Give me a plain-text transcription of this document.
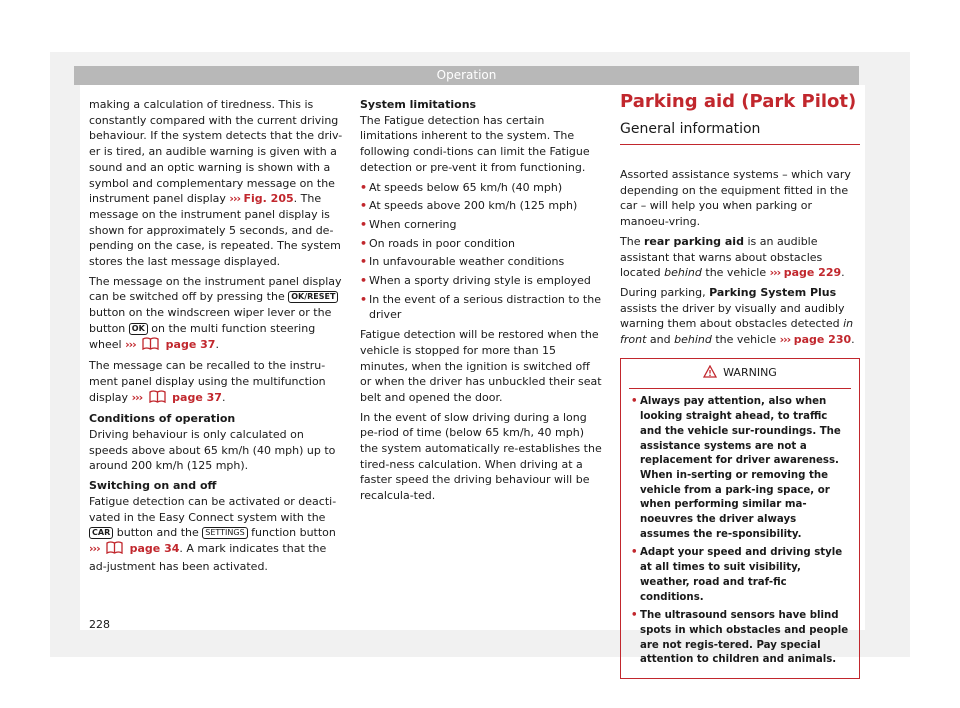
Operation

making a calculation of tiredness. This is constantly compared with the current driving behaviour. If the system detects that the driv-er is tired, an audible warning is given with a sound and an optic warning is shown with a symbol and complementary message on the instrument panel display ››› Fig. 205. The message on the instrument panel display is shown for approximately 5 seconds, and de-pending on the case, is repeated. The system stores the last message displayed.

The message on the instrument panel display can be switched off by pressing the OK/RESET button on the windscreen wiper lever or the button OK on the multi function steering wheel ›››	page 37.

The message can be recalled to the instru-ment panel display using the multifunction display ›››	page 37.

Conditions of operation

Driving behaviour is only calculated on speeds above about 65 km/h (40 mph) up to around 200 km/h (125 mph).

Switching on and off

Fatigue detection can be activated or deacti-vated in the Easy Connect system with the CAR button and the SETTINGS function button ›››	page 34. A mark indicates that the ad-justment has been activated.

System limitations

The Fatigue detection has certain limitations inherent to the system. The following condi-tions can limit the Fatigue detection or pre-vent it from functioning.

• At speeds below 65 km/h (40 mph)
• At speeds above 200 km/h (125 mph)
• When cornering
• On roads in poor condition
• In unfavourable weather conditions
• When a sporty driving style is employed
• In the event of a serious distraction to the driver

Fatigue detection will be restored when the vehicle is stopped for more than 15 minutes, when the ignition is switched off or when the driver has unbuckled their seat belt and opened the door.

In the event of slow driving during a long pe-riod of time (below 65 km/h, 40 mph) the system automatically re-establishes the tired-ness calculation. When driving at a faster speed the driving behaviour will be recalcula-ted.

Parking aid (Park Pilot)
General information

Assorted assistance systems – which vary depending on the equipment fitted in the car – will help you when parking or manoeu-vring.

The rear parking aid is an audible assistant that warns about obstacles located behind the vehicle ››› page 229.

During parking, Parking System Plus assists the driver by visually and audibly warning them about obstacles detected in front and behind the vehicle ››› page 230.

WARNING
• Always pay attention, also when looking straight ahead, to traffic and the vehicle sur-roundings. The assistance systems are not a replacement for driver awareness. When in-serting or removing the vehicle from a park-ing space, or when performing similar ma-noeuvres the driver always assumes the re-sponsibility.
• Adapt your speed and driving style at all times to suit visibility, weather, road and traf-fic conditions.
• The ultrasound sensors have blind spots in which obstacles and people are not regis-tered. Pay special attention to children and animals.
228
